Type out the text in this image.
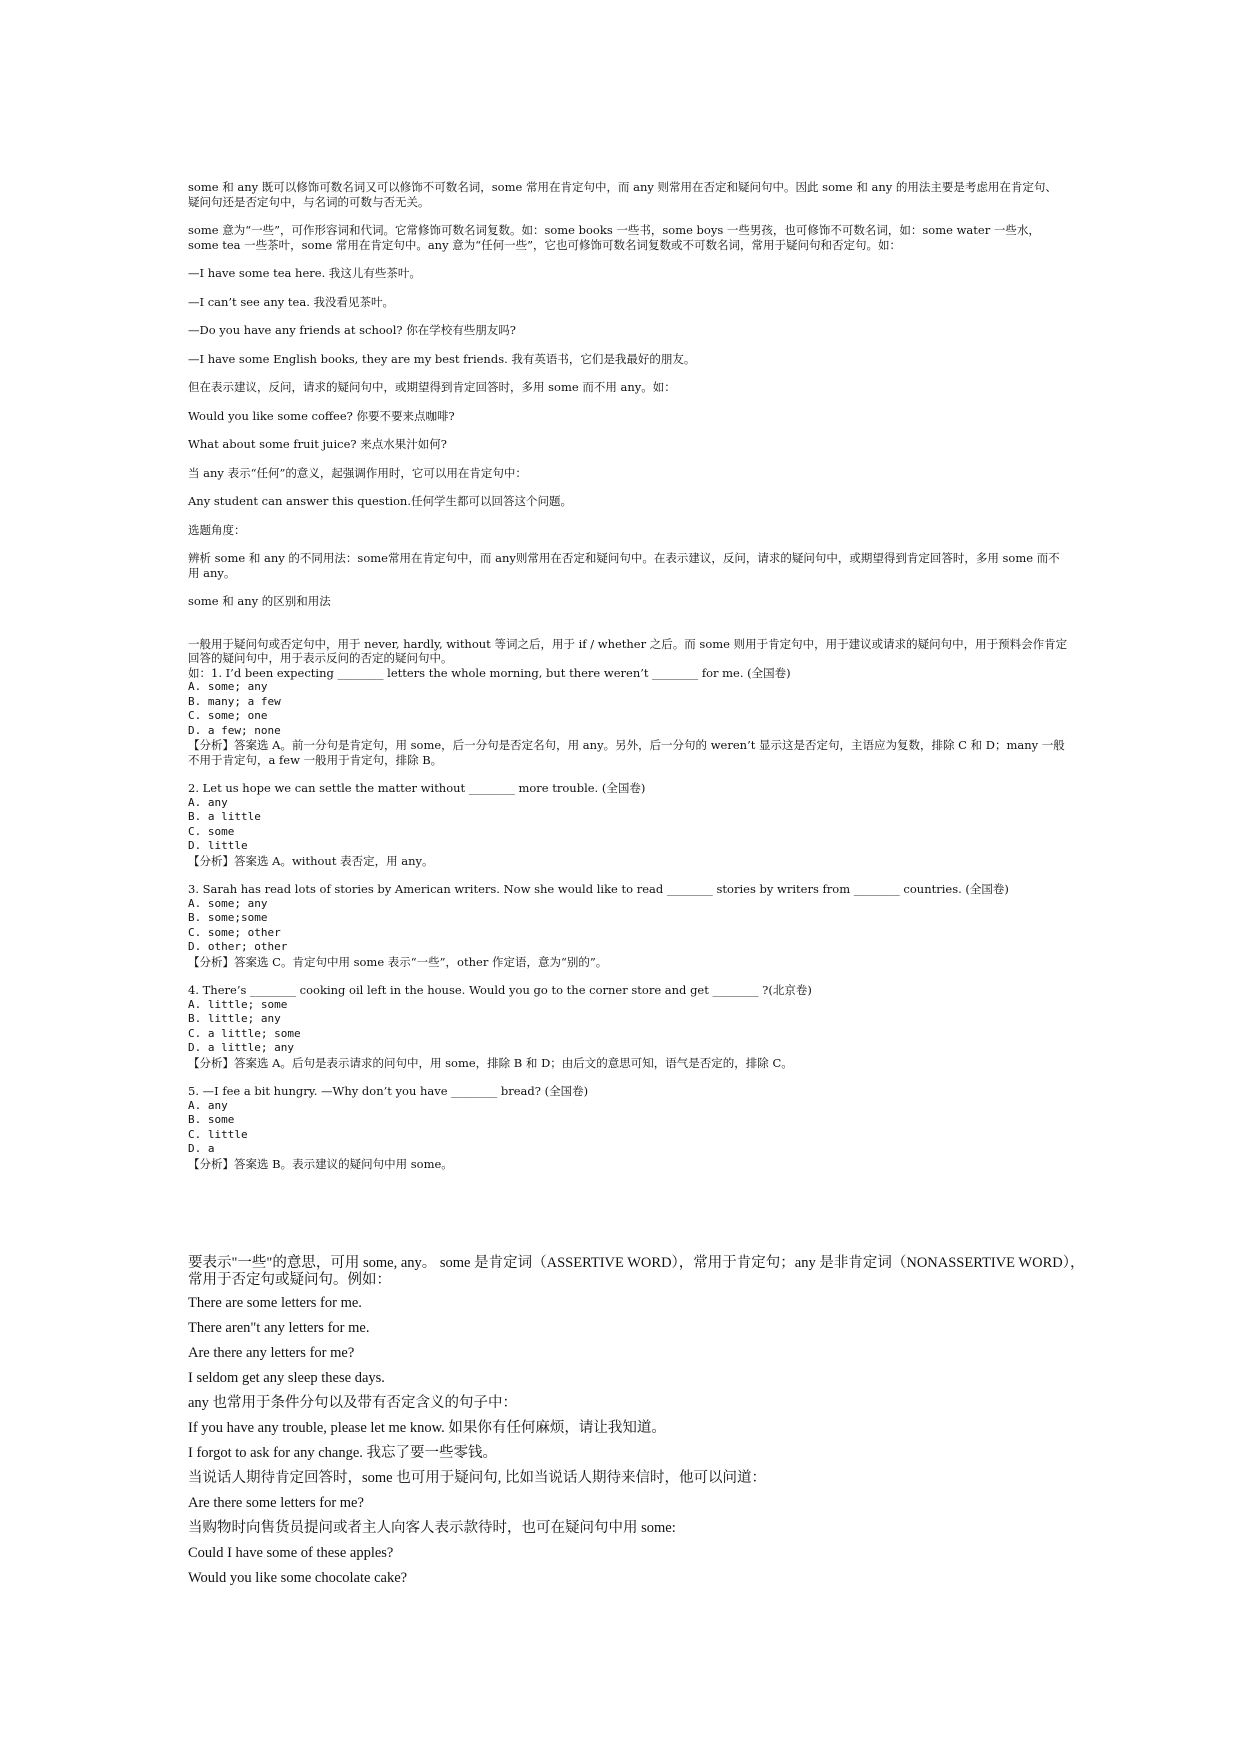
some 和 any 既可以修饰可数名词又可以修饰不可数名词，some 常用在肯定句中，而 any 则常用在否定和疑问句中。因此 some 和 any 的用法主要是考虑用在肯定句、疑问句还是否定句中，与名词的可数与否无关。

some 意为“一些”，可作形容词和代词。它常修饰可数名词复数。如：some books 一些书，some boys 一些男孩，也可修饰不可数名词，如：some water 一些水，some tea 一些茶叶，some 常用在肯定句中。any 意为“任何一些”，它也可修饰可数名词复数或不可数名词，常用于疑问句和否定句。如：

—I have some tea here. 我这儿有些茶叶。

—I can’t see any tea. 我没看见茶叶。

—Do you have any friends at school? 你在学校有些朋友吗?

—I have some English books, they are my best friends. 我有英语书，它们是我最好的朋友。

但在表示建议，反问，请求的疑问句中，或期望得到肯定回答时，多用 some 而不用 any。如：

Would you like some coffee? 你要不要来点咖啡?

What about some fruit juice? 来点水果汁如何?

当 any 表示“任何”的意义，起强调作用时，它可以用在肯定句中：

Any student can answer this question.任何学生都可以回答这个问题。

选题角度：

辨析 some 和 any 的不同用法：some常用在肯定句中，而 any则常用在否定和疑问句中。在表示建议，反问，请求的疑问句中，或期望得到肯定回答时，多用 some 而不用 any。

some 和 any 的区别和用法

一般用于疑问句或否定句中，用于 never, hardly, without 等词之后，用于 if / whether 之后。而 some 则用于肯定句中，用于建议或请求的疑问句中，用于预料会作肯定回答的疑问句中，用于表示反问的否定的疑问句中。

如：1. I’d been expecting ________ letters the whole morning, but there weren’t ________ for me. (全国卷)

A. some; any
B. many; a few
C. some; one
D. a few; none

【分析】答案选 A。前一分句是肯定句，用 some，后一分句是否定名句，用 any。另外，后一分句的 weren’t 显示这是否定句，主语应为复数，排除 C 和 D；many 一般不用于肯定句，a few 一般用于肯定句，排除 B。

2. Let us hope we can settle the matter without ________ more trouble. (全国卷)

A. any
B. a little
C. some
D. little

【分析】答案选 A。without 表否定，用 any。

3. Sarah has read lots of stories by American writers. Now she would like to read ________ stories by writers from ________ countries. (全国卷)

A. some; any
B. some;some
C. some; other
D. other; other

【分析】答案选 C。肯定句中用 some 表示“一些”，other 作定语，意为“别的”。

4. There’s ________ cooking oil left in the house. Would you go to the corner store and get ________ ?(北京卷)

A. little; some
B. little; any
C. a little; some
D. a little; any

【分析】答案选 A。后句是表示请求的问句中，用 some，排除 B 和 D；由后文的意思可知，语气是否定的，排除 C。

5. —I fee a bit hungry. —Why don’t you have ________ bread? (全国卷)

A. any
B. some
C. little
D. a

【分析】答案选 B。表示建议的疑问句中用 some。

要表示"一些"的意思，可用 some, any。 some 是肯定词（ASSERTIVE WORD），常用于肯定句；any 是非肯定词（NONASSERTIVE WORD），常用于否定句或疑问句。例如：

There are some letters for me.

There aren"t any letters for me.

Are there any letters for me?

I seldom get any sleep these days.

any 也常用于条件分句以及带有否定含义的句子中：

If you have any trouble, please let me know. 如果你有任何麻烦，请让我知道。

I forgot to ask for any change. 我忘了要一些零钱。

当说话人期待肯定回答时，some 也可用于疑问句, 比如当说话人期待来信时，他可以问道：

Are there some letters for me?

当购物时向售货员提问或者主人向客人表示款待时，也可在疑问句中用 some:

Could I have some of these apples?

Would you like some chocolate cake?
